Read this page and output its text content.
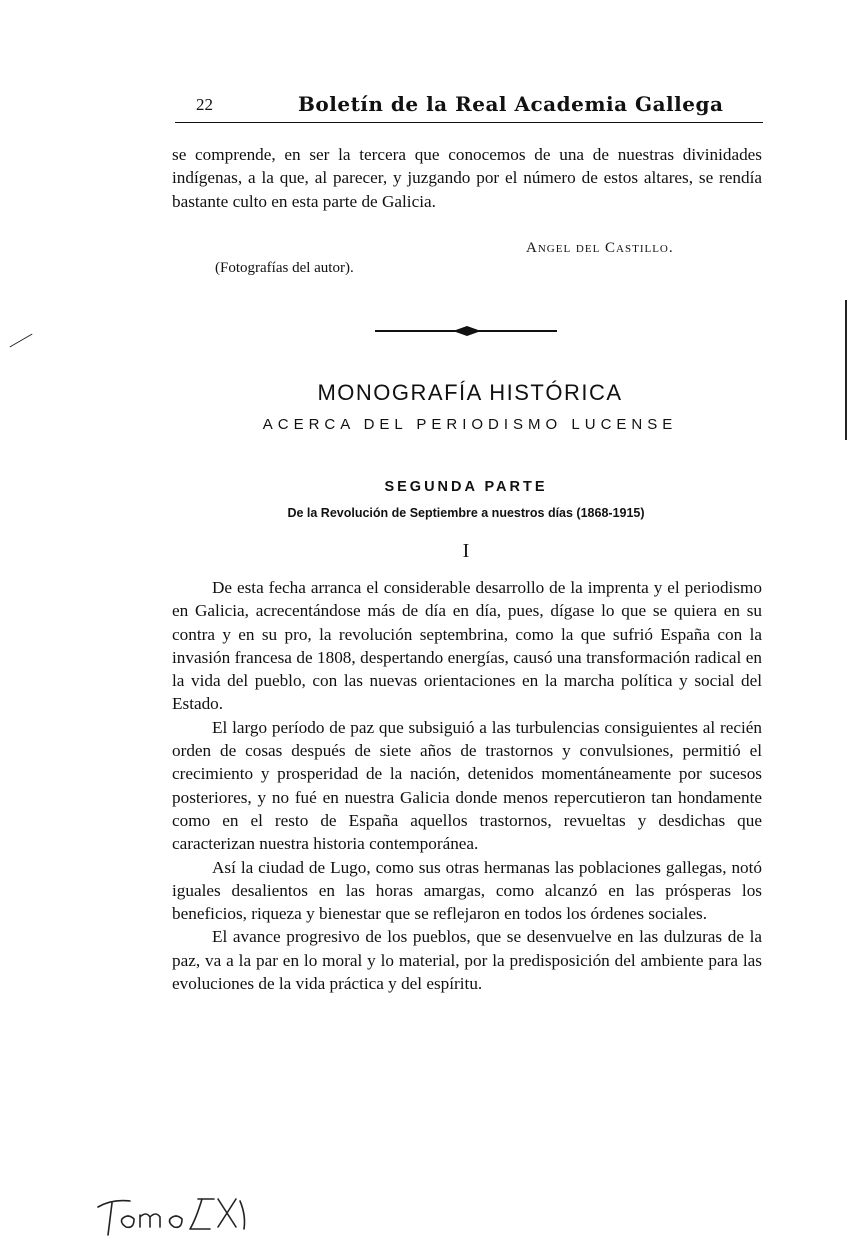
22	Boletín de la Real Academia Gallega

se comprende, en ser la tercera que conocemos de una de nuestras divinidades indígenas, a la que, al parecer, y juzgando por el número de estos altares, se rendía bastante culto en esta parte de Galicia.

Angel del Castillo.
(Fotografías del autor).
MONOGRAFÍA HISTÓRICA
ACERCA DEL PERIODISMO LUCENSE
SEGUNDA PARTE
De la Revolución de Septiembre a nuestros días (1868-1915)
I

De esta fecha arranca el considerable desarrollo de la imprenta y el periodismo en Galicia, acrecentándose más de día en día, pues, dígase lo que se quiera en su contra y en su pro, la revolución septembrina, como la que sufrió España con la invasión francesa de 1808, despertando energías, causó una transformación radical en la vida del pueblo, con las nuevas orientaciones en la marcha política y social del Estado.

El largo período de paz que subsiguió a las turbulencias consiguientes al recién orden de cosas después de siete años de trastornos y convulsiones, permitió el crecimiento y prosperidad de la nación, detenidos momentáneamente por sucesos posteriores, y no fué en nuestra Galicia donde menos repercutieron tan hondamente como en el resto de España aquellos trastornos, revueltas y desdichas que caracterizan nuestra historia contemporánea.

Así la ciudad de Lugo, como sus otras hermanas las poblaciones gallegas, notó iguales desalientos en las horas amargas, como alcanzó en las prósperas los beneficios, riqueza y bienestar que se reflejaron en todos los órdenes sociales.

El avance progresivo de los pueblos, que se desenvuelve en las dulzuras de la paz, va a la par en lo moral y lo material, por la predisposición del ambiente para las evoluciones de la vida práctica y del espíritu.
